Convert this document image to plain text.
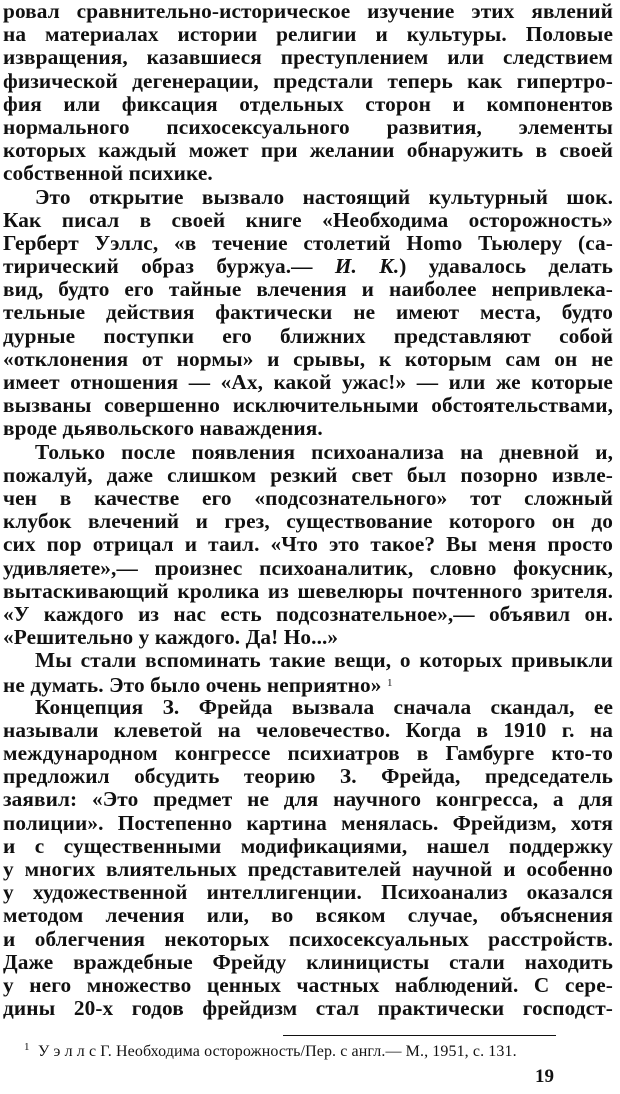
ровал сравнительно-историческое изучение этих явлений
на материалах истории религии и культуры. Половые
извращения, казавшиеся преступлением или следствием
физической дегенерации, предстали теперь как гипертро-
фия или фиксация отдельных сторон и компонентов
нормального психосексуального развития, элементы
которых каждый может при желании обнаружить в своей
собственной психике.
Это открытие вызвало настоящий культурный шок.
Как писал в своей книге «Необходима осторожность»
Герберт Уэллс, «в течение столетий Homo Тьюлеру (са-
тирический образ буржуа.— И. К.) удавалось делать
вид, будто его тайные влечения и наиболее непривлека-
тельные действия фактически не имеют места, будто
дурные поступки его ближних представляют собой
«отклонения от нормы» и срывы, к которым сам он не
имеет отношения — «Ах, какой ужас!» — или же которые
вызваны совершенно исключительными обстоятельствами,
вроде дьявольского наваждения.
Только после появления психоанализа на дневной и,
пожалуй, даже слишком резкий свет был позорно извле-
чен в качестве его «подсознательного» тот сложный
клубок влечений и грез, существование которого он до
сих пор отрицал и таил. «Что это такое? Вы меня просто
удивляете»,— произнес психоаналитик, словно фокусник,
вытаскивающий кролика из шевелюры почтенного зрителя.
«У каждого из нас есть подсознательное»,— объявил он.
«Решительно у каждого. Да! Но...»
Мы стали вспоминать такие вещи, о которых привыкли
не думать. Это было очень неприятно» $^1$
Концепция З. Фрейда вызвала сначала скандал, ее
называли клеветой на человечество. Когда в 1910 г. на
международном конгрессе психиатров в Гамбурге кто-то
предложил обсудить теорию З. Фрейда, председатель
заявил: «Это предмет не для научного конгресса, а для
полиции». Постепенно картина менялась. Фрейдизм, хотя
и с существенными модификациями, нашел поддержку
у многих влиятельных представителей научной и особенно
у художественной интеллигенции. Психоанализ оказался
методом лечения или, во всяком случае, объяснения
и облегчения некоторых психосексуальных расстройств.
Даже враждебные Фрейду клиницисты стали находить
у него множество ценных частных наблюдений. С сере-
дины 20-х годов фрейдизм стал практически господст-
1 У э л л с Г. Необходима осторожность/Пер. с англ.— М., 1951, с. 131.
19
